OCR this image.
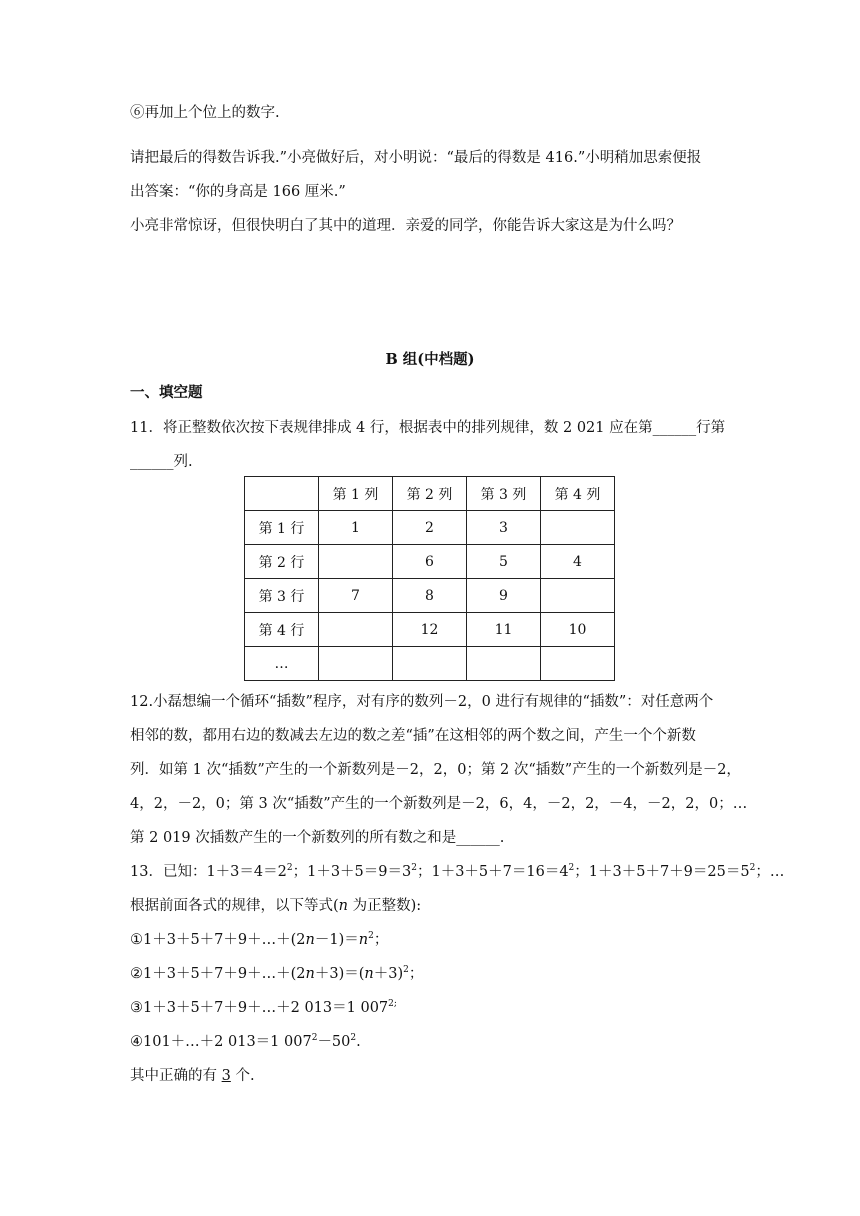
⑥再加上个位上的数字.
请把最后的得数告诉我.”小亮做好后，对小明说：“最后的得数是 416.”小明稍加思索便报
出答案：“你的身高是 166 厘米.”
小亮非常惊讶，但很快明白了其中的道理．亲爱的同学，你能告诉大家这是为什么吗？
B 组(中档题)
一、填空题
11．将正整数依次按下表规律排成 4 行，根据表中的排列规律，数 2 021 应在第______行第
______列.
	第 1 列	第 2 列	第 3 列	第 4 列
第 1 行	1	2	3	
第 2 行		6	5	4
第 3 行	7	8	9	
第 4 行		12	11	10
…				
12.小磊想编一个循环“插数”程序，对有序的数列－2，0 进行有规律的“插数”：对任意两个
相邻的数，都用右边的数减去左边的数之差“插”在这相邻的两个数之间，产生一个个新数
列．如第 1 次“插数”产生的一个新数列是－2，2，0；第 2 次“插数”产生的一个新数列是－2，
4，2，－2，0；第 3 次“插数”产生的一个新数列是－2，6，4，－2，2，－4，－2，2，0；…
第 2 019 次插数产生的一个新数列的所有数之和是______.
13．已知：$1+3=4=2^2$；$1+3+5=9=3^2$；$1+3+5+7=16=4^2$；$1+3+5+7+9=25=5^2$；…
根据前面各式的规律，以下等式(n 为正整数):
$①1+3+5+7+9+\dots+(2n-1)=n^2$；
$②1+3+5+7+9+\dots+(2n+3)=(n+3)^2$；
③1＋3＋5＋7＋9＋…＋2 013＝1 $007^{2;}$
④101＋…＋2 013＝1 $007^2-50^2$.
其中正确的有 3 个.
